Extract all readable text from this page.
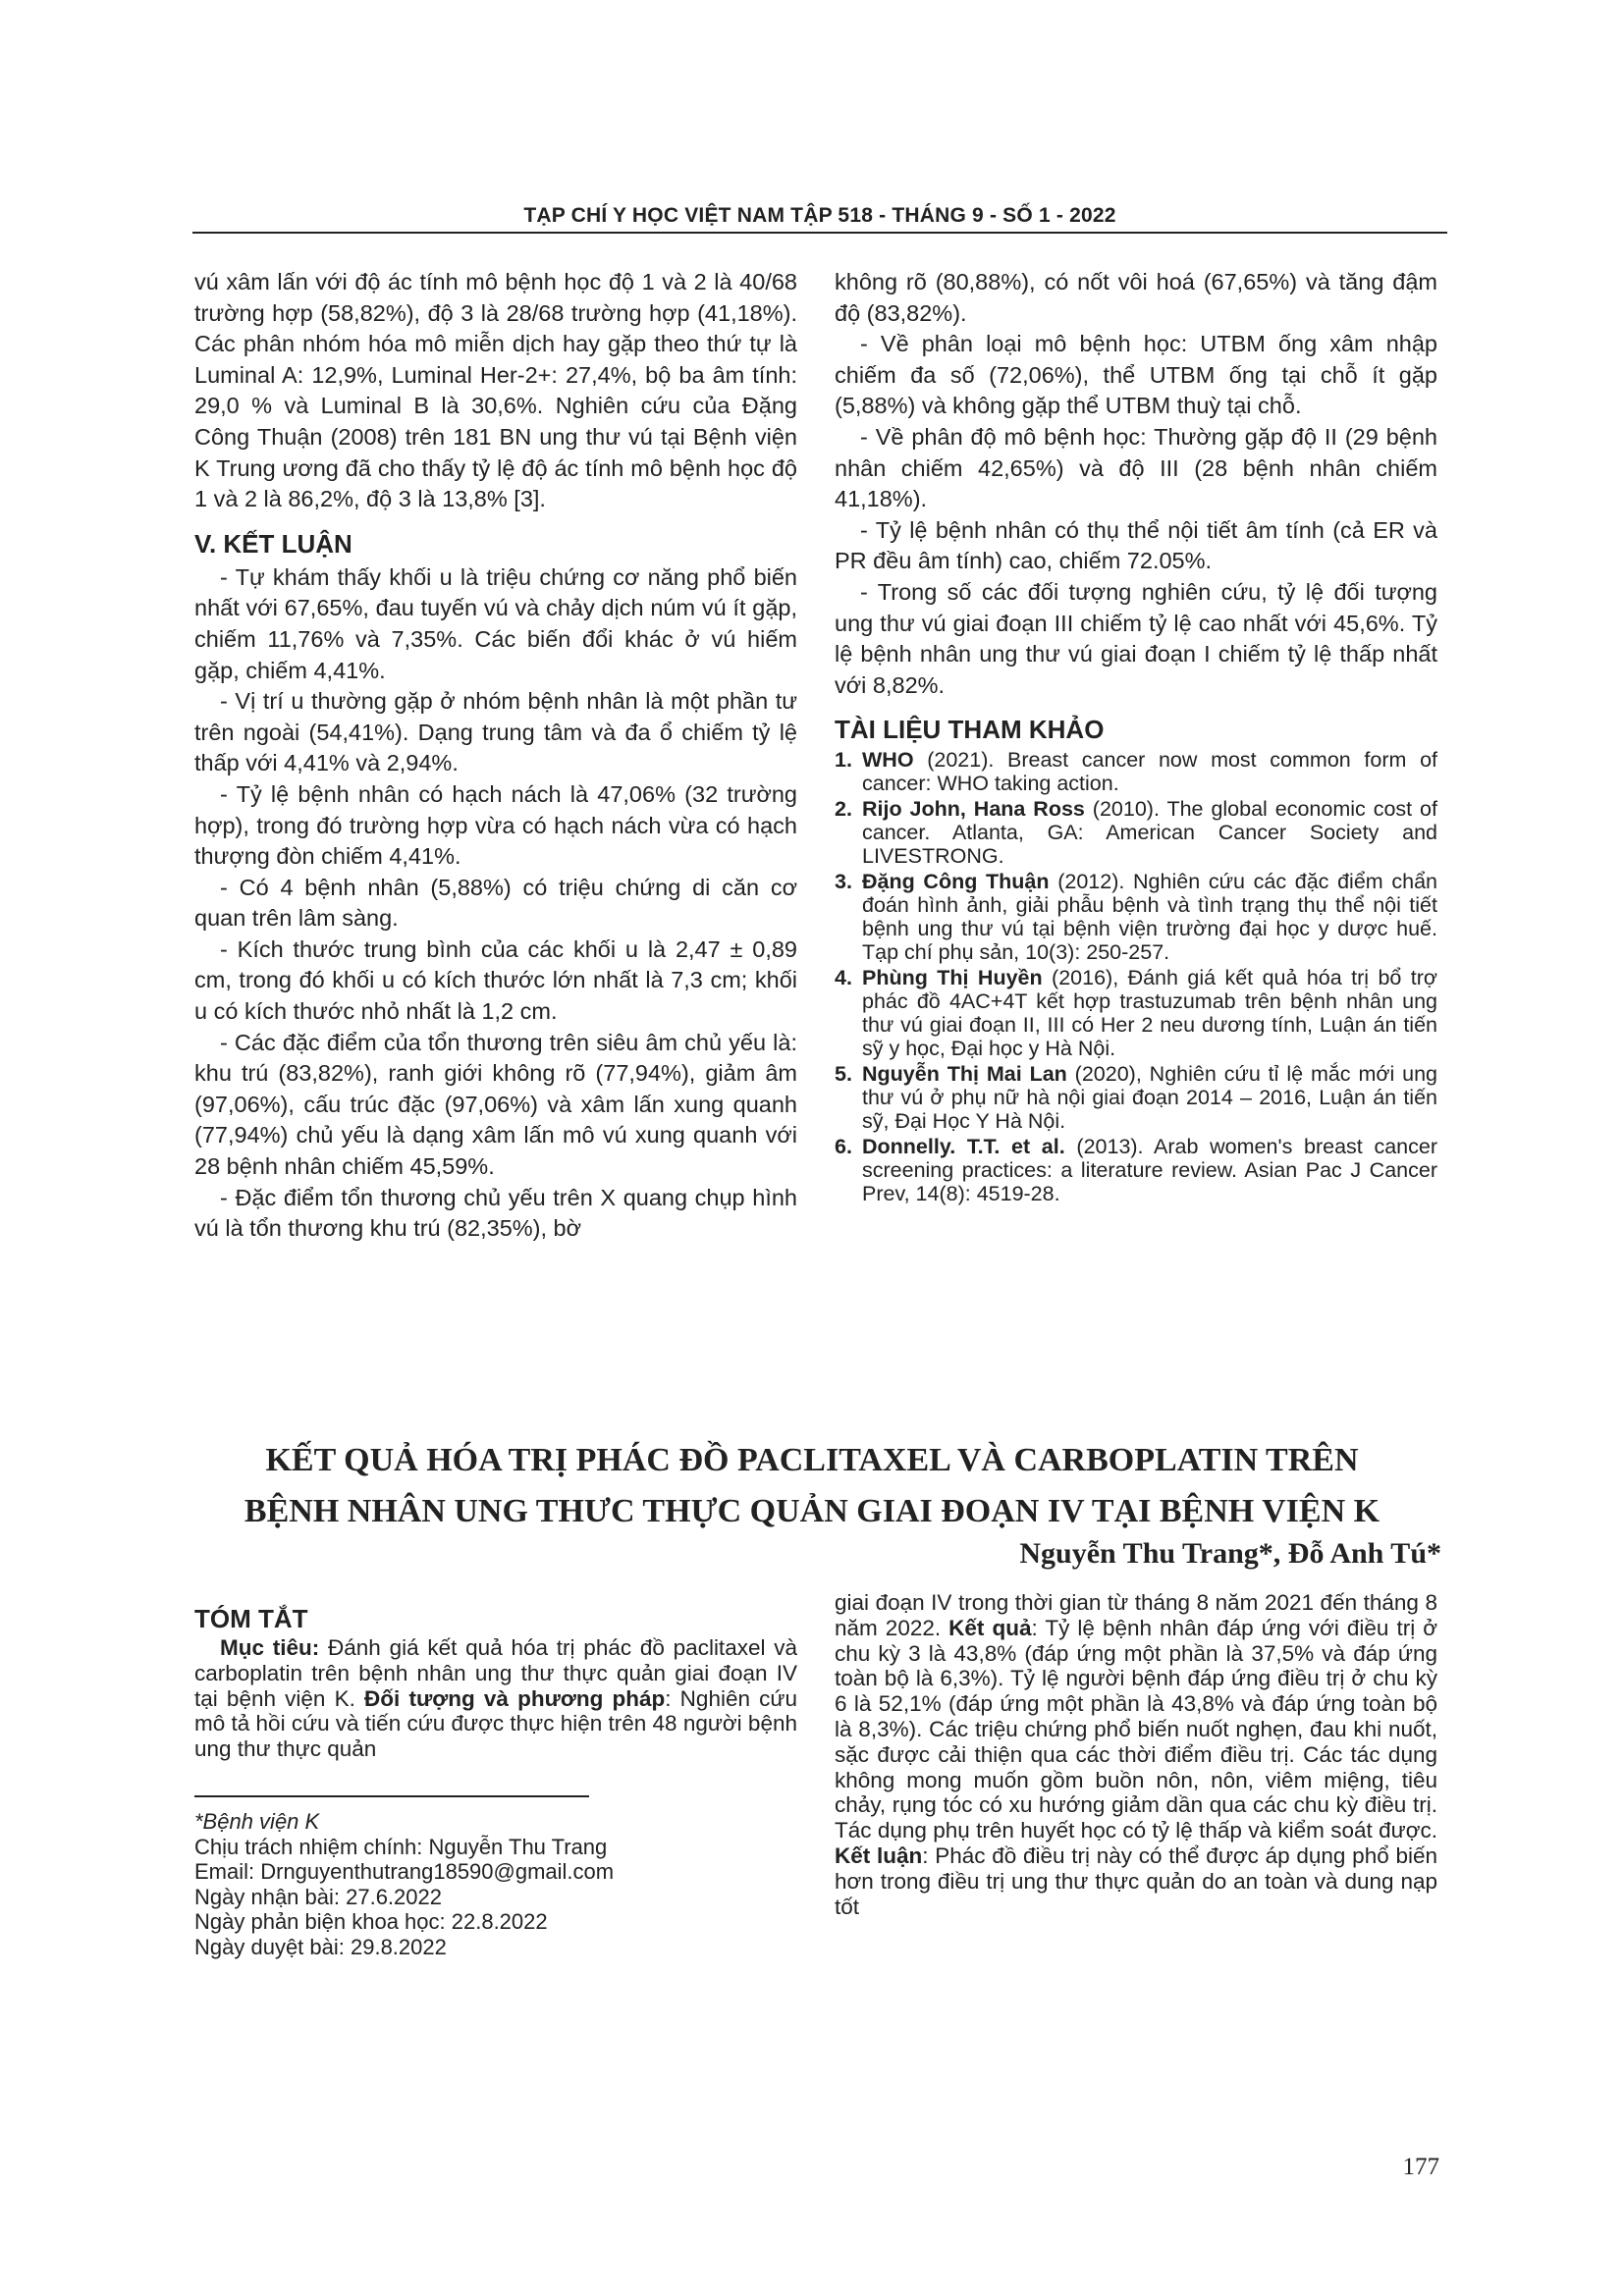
TẠP CHÍ Y HỌC VIỆT NAM TẬP 518 - THÁNG 9 - SỐ 1 - 2022

vú xâm lấn với độ ác tính mô bệnh học độ 1 và 2 là 40/68 trường hợp (58,82%), độ 3 là 28/68 trường hợp (41,18%). Các phân nhóm hóa mô miễn dịch hay gặp theo thứ tự là Luminal A: 12,9%, Luminal Her-2+: 27,4%, bộ ba âm tính: 29,0 % và Luminal B là 30,6%. Nghiên cứu của Đặng Công Thuận (2008) trên 181 BN ung thư vú tại Bệnh viện K Trung ương đã cho thấy tỷ lệ độ ác tính mô bệnh học độ 1 và 2 là 86,2%, độ 3 là 13,8% [3].

V. KẾT LUẬN

- Tự khám thấy khối u là triệu chứng cơ năng phổ biến nhất với 67,65%, đau tuyến vú và chảy dịch núm vú ít gặp, chiếm 11,76% và 7,35%. Các biến đổi khác ở vú hiếm gặp, chiếm 4,41%.

- Vị trí u thường gặp ở nhóm bệnh nhân là một phần tư trên ngoài (54,41%). Dạng trung tâm và đa ổ chiếm tỷ lệ thấp với 4,41% và 2,94%.

- Tỷ lệ bệnh nhân có hạch nách là 47,06% (32 trường hợp), trong đó trường hợp vừa có hạch nách vừa có hạch thượng đòn chiếm 4,41%.

- Có 4 bệnh nhân (5,88%) có triệu chứng di căn cơ quan trên lâm sàng.

- Kích thước trung bình của các khối u là 2,47 ± 0,89 cm, trong đó khối u có kích thước lớn nhất là 7,3 cm; khối u có kích thước nhỏ nhất là 1,2 cm.

- Các đặc điểm của tổn thương trên siêu âm chủ yếu là: khu trú (83,82%), ranh giới không rõ (77,94%), giảm âm (97,06%), cấu trúc đặc (97,06%) và xâm lấn xung quanh (77,94%) chủ yếu là dạng xâm lấn mô vú xung quanh với 28 bệnh nhân chiếm 45,59%.

- Đặc điểm tổn thương chủ yếu trên X quang chụp hình vú là tổn thương khu trú (82,35%), bờ

không rõ (80,88%), có nốt vôi hoá (67,65%) và tăng đậm độ (83,82%).

- Về phân loại mô bệnh học: UTBM ống xâm nhập chiếm đa số (72,06%), thể UTBM ống tại chỗ ít gặp (5,88%) và không gặp thể UTBM thuỳ tại chỗ.

- Về phân độ mô bệnh học: Thường gặp độ II (29 bệnh nhân chiếm 42,65%) và độ III (28 bệnh nhân chiếm 41,18%).

- Tỷ lệ bệnh nhân có thụ thể nội tiết âm tính (cả ER và PR đều âm tính) cao, chiếm 72.05%.

- Trong số các đối tượng nghiên cứu, tỷ lệ đối tượng ung thư vú giai đoạn III chiếm tỷ lệ cao nhất với 45,6%. Tỷ lệ bệnh nhân ung thư vú giai đoạn I chiếm tỷ lệ thấp nhất với 8,82%.

TÀI LIỆU THAM KHẢO
1. WHO (2021). Breast cancer now most common form of cancer: WHO taking action.
2. Rijo John, Hana Ross (2010). The global economic cost of cancer. Atlanta, GA: American Cancer Society and LIVESTRONG.
3. Đặng Công Thuận (2012). Nghiên cứu các đặc điểm chẩn đoán hình ảnh, giải phẫu bệnh và tình trạng thụ thể nội tiết bệnh ung thư vú tại bệnh viện trường đại học y dược huế. Tạp chí phụ sản, 10(3): 250-257.
4. Phùng Thị Huyền (2016), Đánh giá kết quả hóa trị bổ trợ phác đồ 4AC+4T kết hợp trastuzumab trên bệnh nhân ung thư vú giai đoạn II, III có Her 2 neu dương tính, Luận án tiến sỹ y học, Đại học y Hà Nội.
5. Nguyễn Thị Mai Lan (2020), Nghiên cứu tỉ lệ mắc mới ung thư vú ở phụ nữ hà nội giai đoạn 2014 – 2016, Luận án tiến sỹ, Đại Học Y Hà Nội.
6. Donnelly. T.T. et al. (2013). Arab women's breast cancer screening practices: a literature review. Asian Pac J Cancer Prev, 14(8): 4519-28.
KẾT QUẢ HÓA TRỊ PHÁC ĐỒ PACLITAXEL VÀ CARBOPLATIN TRÊN
BỆNH NHÂN UNG THƯC THỰC QUẢN GIAI ĐOẠN IV TẠI BỆNH VIỆN K
Nguyễn Thu Trang*, Đỗ Anh Tú*
TÓM TẮT

Mục tiêu: Đánh giá kết quả hóa trị phác đồ paclitaxel và carboplatin trên bệnh nhân ung thư thực quản giai đoạn IV tại bệnh viện K. Đối tượng và phương pháp: Nghiên cứu mô tả hồi cứu và tiến cứu được thực hiện trên 48 người bệnh ung thư thực quản

giai đoạn IV trong thời gian từ tháng 8 năm 2021 đến tháng 8 năm 2022. Kết quả: Tỷ lệ bệnh nhân đáp ứng với điều trị ở chu kỳ 3 là 43,8% (đáp ứng một phần là 37,5% và đáp ứng toàn bộ là 6,3%). Tỷ lệ người bệnh đáp ứng điều trị ở chu kỳ 6 là 52,1% (đáp ứng một phần là 43,8% và đáp ứng toàn bộ là 8,3%). Các triệu chứng phổ biến nuốt nghẹn, đau khi nuốt, sặc được cải thiện qua các thời điểm điều trị. Các tác dụng không mong muốn gồm buồn nôn, nôn, viêm miệng, tiêu chảy, rụng tóc có xu hướng giảm dần qua các chu kỳ điều trị. Tác dụng phụ trên huyết học có tỷ lệ thấp và kiểm soát được. Kết luận: Phác đồ điều trị này có thể được áp dụng phổ biến hơn trong điều trị ung thư thực quản do an toàn và dung nạp tốt

*Bệnh viện K
Chịu trách nhiệm chính: Nguyễn Thu Trang
Email: Drnguyenthutrang18590@gmail.com
Ngày nhận bài: 27.6.2022
Ngày phản biện khoa học: 22.8.2022
Ngày duyệt bài: 29.8.2022
177
